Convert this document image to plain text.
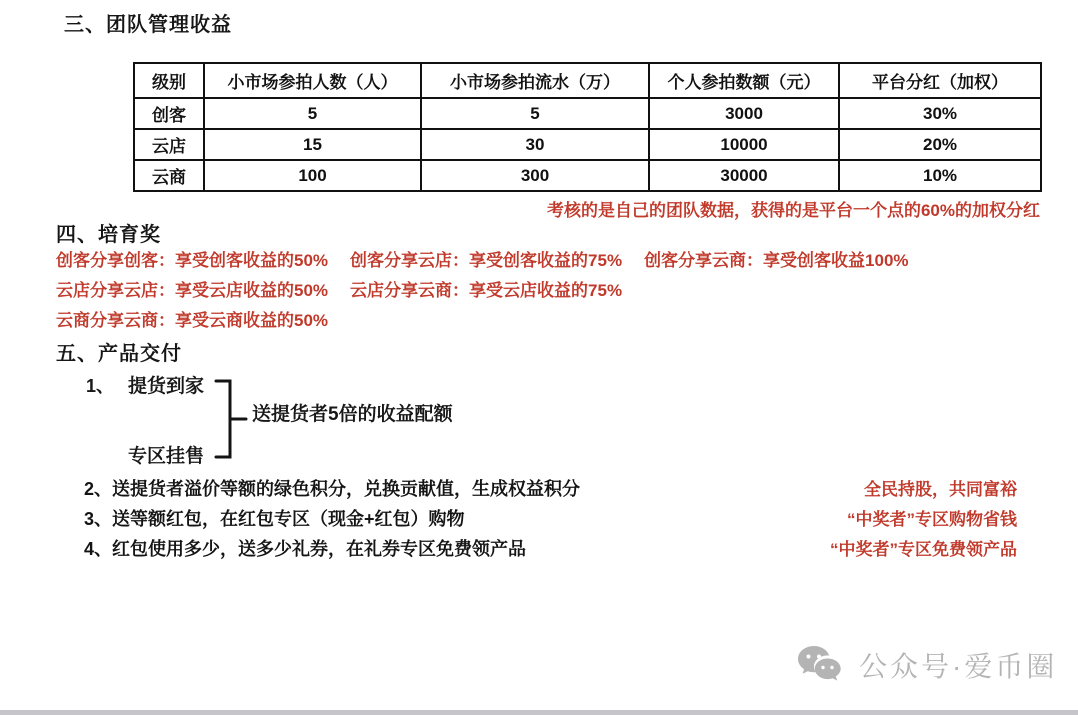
三、团队管理收益
级别	小市场参拍人数（人）	小市场参拍流水（万）	个人参拍数额（元）	平台分红（加权）
创客	5	5	3000	30%
云店	15	30	10000	20%
云商	100	300	30000	10%
考核的是自己的团队数据，获得的是平台一个点的60%的加权分红
四、培育奖
创客分享创客：享受创客收益的50% 创客分享云店：享受创客收益的75% 创客分享云商：享受创客收益100%
云店分享云店：享受云店收益的50% 云店分享云商：享受云店收益的75%
云商分享云商：享受云商收益的50%
五、产品交付
1、 提货到家
送提货者5倍的收益配额
专区挂售
2、送提货者溢价等额的绿色积分，兑换贡献值，生成权益积分
3、送等额红包，在红包专区（现金+红包）购物
4、红包使用多少，送多少礼券，在礼券专区免费领产品
全民持股，共同富裕
“中奖者”专区购物省钱
“中奖者”专区免费领产品
公众号·爱币圈
